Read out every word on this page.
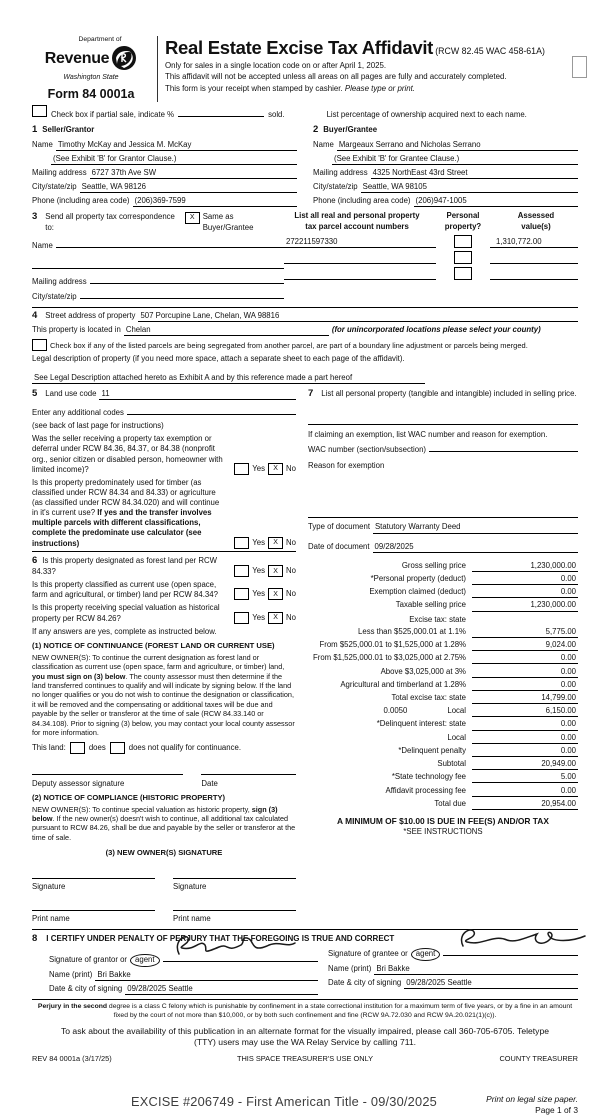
Department of
Revenue
Washington State
Form 84 0001a
Real Estate Excise Tax Affidavit (RCW 82.45 WAC 458-61A)
Only for sales in a single location code on or after April 1, 2025.
This affidavit will not be accepted unless all areas on all pages are fully and accurately completed.
This form is your receipt when stamped by cashier. Please type or print.
Check box if partial sale, indicate %	sold.	List percentage of ownership acquired next to each name.
1 Seller/Grantor
Name Timothy McKay and Jessica M. McKay
(See Exhibit 'B' for Grantor Clause.)
Mailing address 6727 37th Ave SW
City/state/zip Seattle, WA 98126
Phone (including area code) (206)369-7599
2 Buyer/Grantee
Name Margeaux Serrano and Nicholas Serrano
(See Exhibit 'B' for Grantee Clause.)
Mailing address 4325 NorthEast 43rd Street
City/state/zip Seattle, WA 98105
Phone (including area code) (206)947-1005
3 Send all property tax correspondence to:
X Same as Buyer/Grantee
Name
Mailing address
City/state/zip
List all real and personal property
tax parcel account numbers
Personal
property?
Assessed
value(s)
272211597330	1,310,772.00
4 Street address of property 507 Porcupine Lane, Chelan, WA 98816
This property is located in Chelan	(for unincorporated locations please select your county)
Check box if any of the listed parcels are being segregated from another parcel, are part of a boundary line adjustment or parcels being merged.
Legal description of property (if you need more space, attach a separate sheet to each page of the affidavit).
See Legal Description attached hereto as Exhibit A and by this reference made a part hereof
5 Land use code 11
Enter any additional codes
(see back of last page for instructions)
Was the seller receiving a property tax exemption or deferral under RCW 84.36, 84.37, or 84.38 (nonprofit org., senior citizen or disabled person, homeowner with limited income)?	Yes X No
Is this property predominately used for timber (as classified under RCW 84.34 and 84.33) or agriculture (as classified under RCW 84.34.020) and will continue in it's current use? If yes and the transfer involves multiple parcels with different classifications, complete the predominate use calculator (see instructions)	Yes X No
6 Is this property designated as forest land per RCW 84.33?	Yes X No
Is this property classified as current use (open space, farm and agricultural, or timber) land per RCW 84.34?	Yes X No
Is this property receiving special valuation as historical property per RCW 84.26?	Yes X No
If any answers are yes, complete as instructed below.
(1) NOTICE OF CONTINUANCE (FOREST LAND OR CURRENT USE)
NEW OWNER(S): To continue the current designation as forest land or classification as current use (open space, farm and agriculture, or timber) land, you must sign on (3) below. The county assessor must then determine if the land transferred continues to qualify and will indicate by signing below. If the land no longer qualifies or you do not wish to continue the designation or classification, it will be removed and the compensating or additional taxes will be due and payable by the seller or transferor at the time of sale (RCW 84.33.140 or 84.34.108). Prior to signing (3) below, you may contact your local county assessor for more information.
This land:	does	does not qualify for continuance.
Deputy assessor signature	Date
(2) NOTICE OF COMPLIANCE (HISTORIC PROPERTY)
NEW OWNER(S): To continue special valuation as historic property, sign (3) below. If the new owner(s) doesn't wish to continue, all additional tax calculated pursuant to RCW 84.26, shall be due and payable by the seller or transferor at the time of sale.
(3) NEW OWNER(S) SIGNATURE
Signature	Signature
Print name	Print name
7 List all personal property (tangible and intangible) included in selling price.
If claiming an exemption, list WAC number and reason for exemption.
WAC number (section/subsection)
Reason for exemption
Type of document Statutory Warranty Deed
Date of document 09/28/2025
Gross selling price	1,230,000.00
*Personal property (deduct)	0.00
Exemption claimed (deduct)	0.00
Taxable selling price	1,230,000.00
Excise tax: state
Less than $525,000.01 at 1.1%	5,775.00
From $525,000.01 to $1,525,000 at 1.28%	9,024.00
From $1,525,000.01 to $3,025,000 at 2.75%	0.00
Above $3,025,000 at 3%	0.00
Agricultural and timberland at 1.28%	0.00
Total excise tax: state	14,799.00
0.0050	Local	6,150.00
*Delinquent interest: state	0.00
Local	0.00
*Delinquent penalty	0.00
Subtotal	20,949.00
*State technology fee	5.00
Affidavit processing fee	0.00
Total due	20,954.00
A MINIMUM OF $10.00 IS DUE IN FEE(S) AND/OR TAX
*SEE INSTRUCTIONS
8 I CERTIFY UNDER PENALTY OF PERJURY THAT THE FOREGOING IS TRUE AND CORRECT
Signature of grantor or	agent
Name (print) Bri Bakke
Date & city of signing 09/28/2025 Seattle
Signature of grantee or	agent
Name (print) Bri Bakke
Date & city of signing 09/28/2025 Seattle
Perjury in the second degree is a class C felony which is punishable by confinement in a state correctional institution for a maximum term of five years, or by a fine in an amount fixed by the court of not more than $10,000, or by both such confinement and fine (RCW 9A.72.030 and RCW 9A.20.021(1)(c)).
To ask about the availability of this publication in an alternate format for the visually impaired, please call 360-705-6705. Teletype (TTY) users may use the WA Relay Service by calling 711.
REV 84 0001a (3/17/25)	THIS SPACE TREASURER'S USE ONLY	COUNTY TREASURER
EXCISE #206749 - First American Title - 09/30/2025	Print on legal size paper.
Page 1 of 3
